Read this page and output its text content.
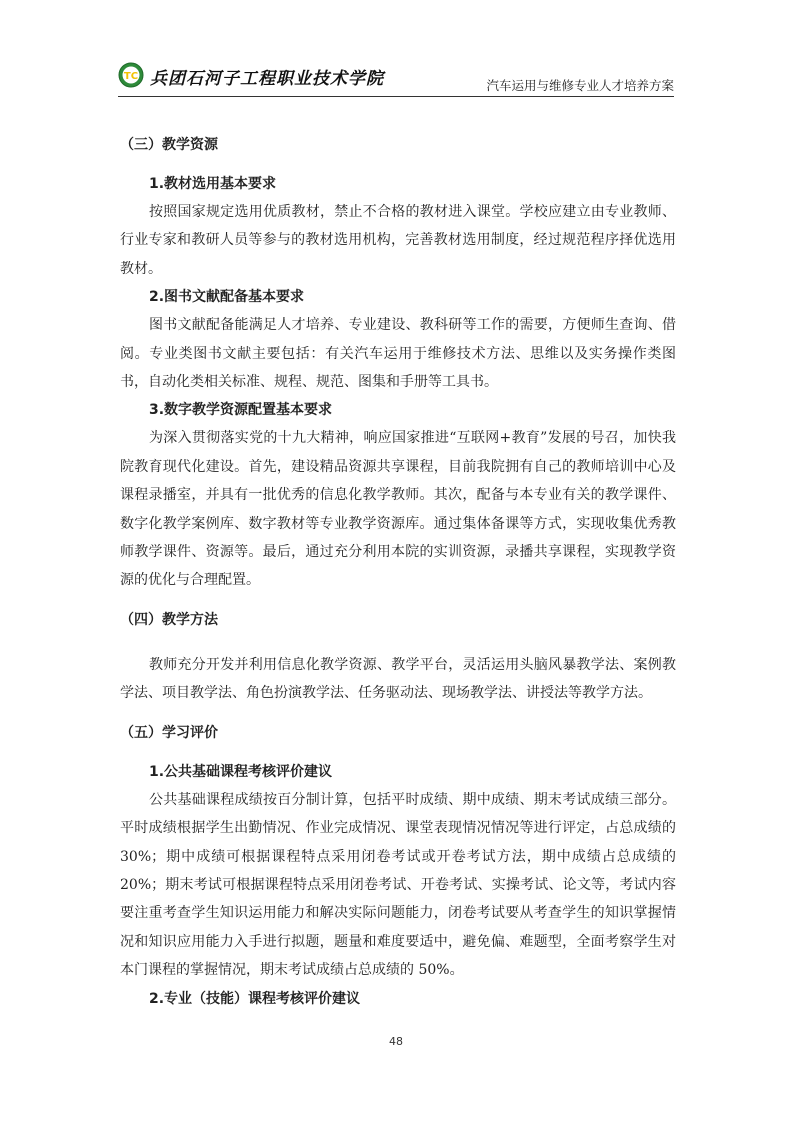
TC 兵团石河子工程职业技术学院	汽车运用与维修专业人才培养方案
（三）教学资源
1.教材选用基本要求

按照国家规定选用优质教材，禁止不合格的教材进入课堂。学校应建立由专业教师、行业专家和教研人员等参与的教材选用机构，完善教材选用制度，经过规范程序择优选用教材。

2.图书文献配备基本要求

图书文献配备能满足人才培养、专业建设、教科研等工作的需要，方便师生查询、借阅。专业类图书文献主要包括：有关汽车运用于维修技术方法、思维以及实务操作类图书，自动化类相关标准、规程、规范、图集和手册等工具书。

3.数字教学资源配置基本要求

为深入贯彻落实党的十九大精神，响应国家推进“互联网+教育”发展的号召，加快我院教育现代化建设。首先，建设精品资源共享课程，目前我院拥有自己的教师培训中心及课程录播室，并具有一批优秀的信息化教学教师。其次，配备与本专业有关的教学课件、数字化教学案例库、数字教材等专业教学资源库。通过集体备课等方式，实现收集优秀教师教学课件、资源等。最后，通过充分利用本院的实训资源，录播共享课程，实现教学资源的优化与合理配置。

（四）教学方法

教师充分开发并利用信息化教学资源、教学平台，灵活运用头脑风暴教学法、案例教学法、项目教学法、角色扮演教学法、任务驱动法、现场教学法、讲授法等教学方法。

（五）学习评价
1.公共基础课程考核评价建议

公共基础课程成绩按百分制计算，包括平时成绩、期中成绩、期末考试成绩三部分。平时成绩根据学生出勤情况、作业完成情况、课堂表现情况情况等进行评定，占总成绩的 30%；期中成绩可根据课程特点采用闭卷考试或开卷考试方法，期中成绩占总成绩的 20%；期末考试可根据课程特点采用闭卷考试、开卷考试、实操考试、论文等，考试内容要注重考查学生知识运用能力和解决实际问题能力，闭卷考试要从考查学生的知识掌握情况和知识应用能力入手进行拟题，题量和难度要适中，避免偏、难题型，全面考察学生对本门课程的掌握情况，期末考试成绩占总成绩的 50%。

2.专业（技能）课程考核评价建议
48
